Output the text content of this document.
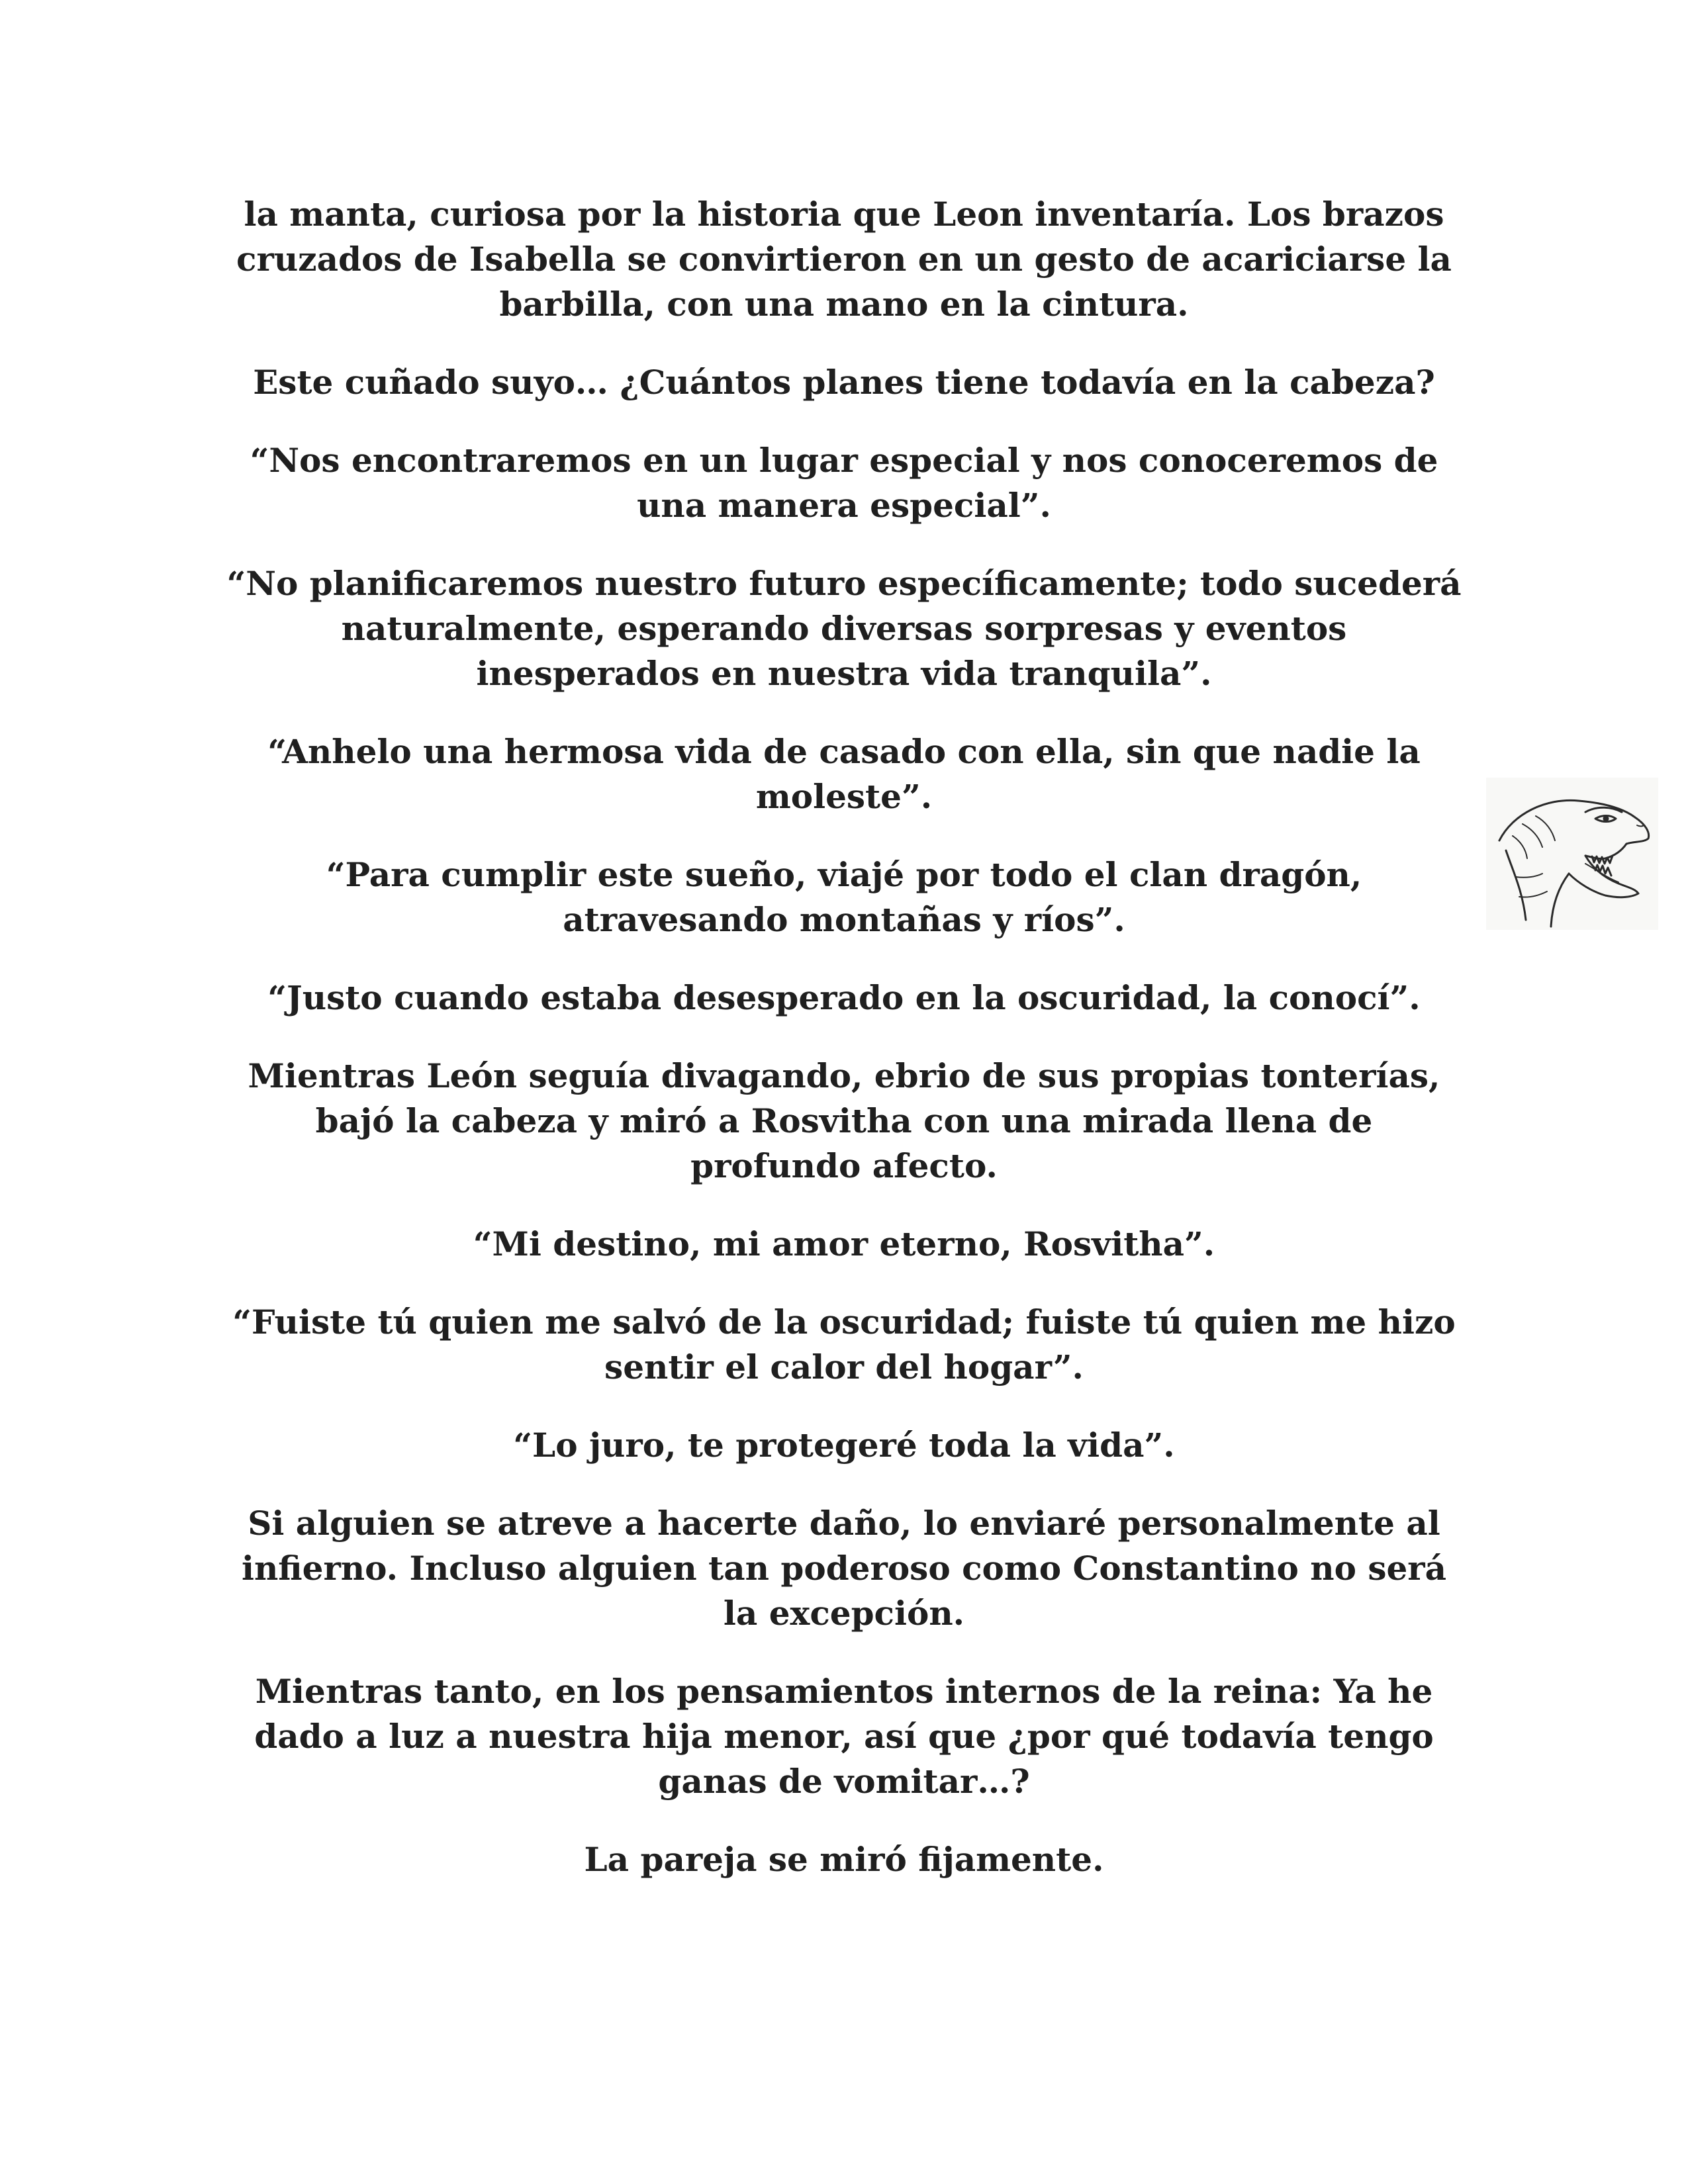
la manta, curiosa por la historia que Leon inventaría. Los brazos cruzados de Isabella se convirtieron en un gesto de acariciarse la barbilla, con una mano en la cintura.

Este cuñado suyo… ¿Cuántos planes tiene todavía en la cabeza?

“Nos encontraremos en un lugar especial y nos conoceremos de una manera especial”.

“No planificaremos nuestro futuro específicamente; todo sucederá naturalmente, esperando diversas sorpresas y eventos inesperados en nuestra vida tranquila”.

“Anhelo una hermosa vida de casado con ella, sin que nadie la moleste”.

“Para cumplir este sueño, viajé por todo el clan dragón, atravesando montañas y ríos”.

“Justo cuando estaba desesperado en la oscuridad, la conocí”.

Mientras León seguía divagando, ebrio de sus propias tonterías, bajó la cabeza y miró a Rosvitha con una mirada llena de profundo afecto.

“Mi destino, mi amor eterno, Rosvitha”.

“Fuiste tú quien me salvó de la oscuridad; fuiste tú quien me hizo sentir el calor del hogar”.

“Lo juro, te protegeré toda la vida”.

Si alguien se atreve a hacerte daño, lo enviaré personalmente al infierno. Incluso alguien tan poderoso como Constantino no será la excepción.

Mientras tanto, en los pensamientos internos de la reina: Ya he dado a luz a nuestra hija menor, así que ¿por qué todavía tengo ganas de vomitar…?

La pareja se miró fijamente.
